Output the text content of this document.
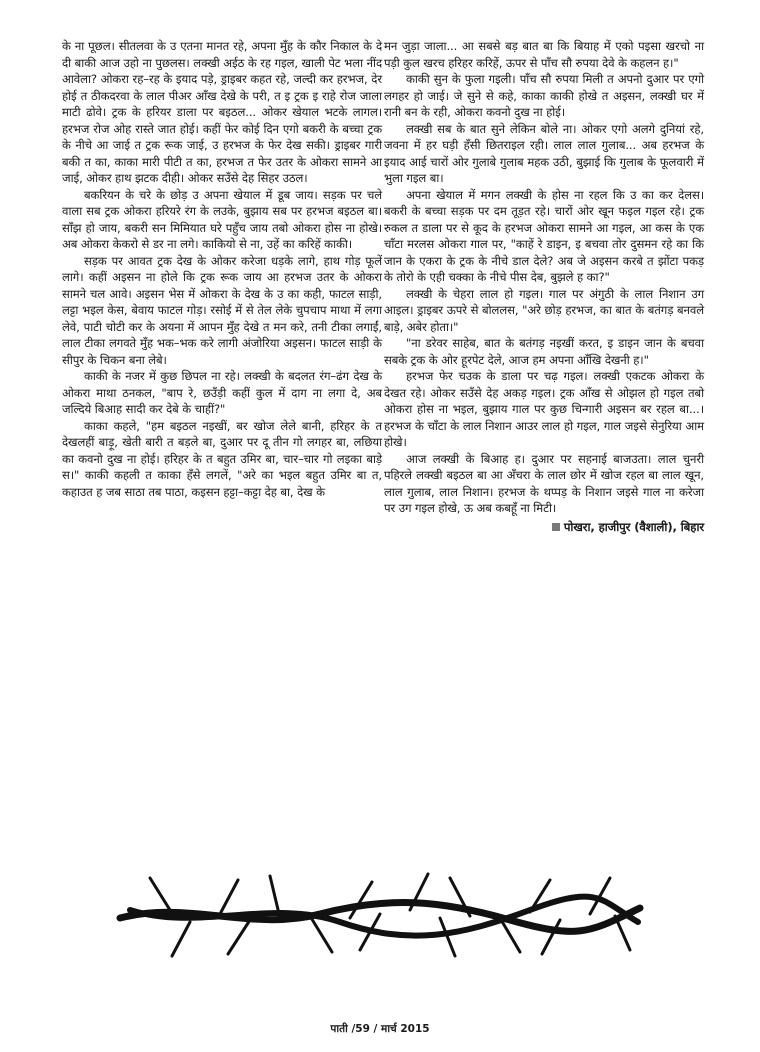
के ना पूछल। सीतलवा के उ एतना मानत रहे, अपना मुँह के कौर निकाल के दे दी बाकी आज उहो ना पुछलस। लक्खी अईठ के रह गइल, खाली पेट भला नींद आवेला? ओकरा रह–रह के इयाद पड़े, ड्राइबर कहत रहे, जल्दी कर हरभज, देर होई त ठीकदरवा के लाल पीअर आँख देखे के परी, त इ ट्रक इ राहे रोज जाला माटी ढोवे। ट्रक के हरियर डाला पर बइठल... ओकर खेयाल भटके लागल। हरभज रोज ओह रास्ते जात होई। कहीं फेर कोई दिन एगो बकरी के बच्चा ट्रक के नीचे आ जाई त ट्रक रूक जाई, उ हरभज के फेर देख सकी। ड्राइबर गारी बकी त का, काका मारी पीटी त का, हरभज त फेर उतर के ओकरा सामने आ जाई, ओकर हाथ झटक दीही। ओकर सउँसे देह सिहर उठल।

बकरियन के चरे के छोड़ उ अपना खेयाल में डूब जाय। सड़क पर चले वाला सब ट्रक ओकरा हरियरे रंग के लउके, बुझाय सब पर हरभज बइठल बा। साँझ हो जाय, बकरी सन मिमियात घरे पहुँच जाय तबो ओकरा होस ना होखे। अब ओकरा केकरो से डर ना लगे। काकियो से ना, उहें का करिहें काकी।

सड़क पर आवत ट्रक देख के ओकर करेजा धड़के लागे, हाथ गोड़ फूलें लागे। कहीं अइसन ना होले कि ट्रक रूक जाय आ हरभज उतर के ओकरा सामने चल आवे। अइसन भेस में ओकरा के देख के उ का कही, फाटल साड़ी, लट्टा भइल केस, बेवाय फाटल गोड़। रसोई में से तेल लेके चुपचाप माथा में लगा लेवे, पाटी चोटी कर के अयना में आपन मुँह देखे त मन करे, तनी टीका लगाईं, लाल टीका लगवते मुँह भक–भक करे लागी अंजोरिया अइसन। फाटल साड़ी के सीपुर के चिकन बना लेबे।

काकी के नजर में कुछ छिपल ना रहे। लक्खी के बदलत रंग–ढंग देख के ओकरा माथा ठनकल, "बाप रे, छउँड़ी कहीं कुल में दाग ना लगा दे, अब जल्दिये बिआह सादी कर देबे के चाहीं?"

काका कहले, "हम बइठल नइखीं, बर खोज लेले बानी, हरिहर के त देखलहीं बाड़ू, खेती बारी त बड़ले बा, दुआर पर दू तीन गो लगहर बा, लछिया का कवनो दुख ना होई। हरिहर के त बहुत उमिर बा, चार–चार गो लइका बाड़े स।" काकी कहली त काका हँसे लगलें, "अरे का भइल बहुत उमिर बा त, कहाउत ह जब साठा तब पाठा, कइसन हट्टा–कट्टा देह बा, देख के

मन जुड़ा जाला... आ सबसे बड़ बात बा कि बियाह में एको पइसा खरचो ना पड़ी कुल खरच हरिहर करिहें, ऊपर से पाँच सौ रुपया देवे के कहलन ह।"

काकी सुन के फुला गइली। पाँच सौ रुपया मिली त अपनो दुआर पर एगो लगहर हो जाई। जे सुने से कहे, काका काकी होखे त अइसन, लक्खी घर में रानी बन के रही, ओकरा कवनो दुख ना होई।

लक्खी सब के बात सुने लेकिन बोले ना। ओकर एगो अलगे दुनियां रहे, जवना में हर घड़ी हँसी छितराइल रही। लाल लाल गुलाब... अब हरभज के इयाद आई चारों ओर गुलाबे गुलाब महक उठी, बुझाई कि गुलाब के फूलवारी में भुला गइल बा।

अपना खेयाल में मगन लक्खी के होस ना रहल कि उ का कर देलस। बकरी के बच्चा सड़क पर दम तूड़त रहे। चारों ओर खून फइल गइल रहे। ट्रक रुकल त डाला पर से कूद के हरभज ओकरा सामने आ गइल, आ कस के एक चाँटा मरलस ओकरा गाल पर, "काहें रे डाइन, इ बचवा तोर दुसमन रहे का कि जान के एकरा के ट्रक के नीचे डाल देले? अब जे अइसन करबे त झोंटा पकड़ के तोरो के एही चक्का के नीचे पीस देब, बुझले ह का?"

लक्खी के चेहरा लाल हो गइल। गाल पर अंगुठी के लाल निशान उग आइल। ड्राइबर ऊपरे से बोललस, "अरे छोड़ हरभज, का बात के बतंगड़ बनवले बाड़े, अबेर होता।"

"ना डरेवर साहेब, बात के बतंगड़ नइखीं करत, इ डाइन जान के बचवा सबके ट्रक के ओर हूरपेट देले, आज हम अपना आँखि देखनी ह।"

हरभज फेर चउक के डाला पर चढ़ गइल। लक्खी एकटक ओकरा के देखत रहे। ओकर सउँसे देह अकड़ गइल। ट्रक आँख से ओझल हो गइल तबो ओकरा होस ना भइल, बुझाय गाल पर कुछ चिन्गारी अइसन बर रहल बा...। हरभज के चाँटा के लाल निशान आउर लाल हो गइल, गाल जइसे सेनुरिया आम होखे।

आज लक्खी के बिआह ह। दुआर पर सहनाई बाजउता। लाल चुनरी पहिरले लक्खी बइठल बा आ अँचरा के लाल छोर में खोज रहल बा लाल खून, लाल गुलाब, लाल निशान। हरभज के थप्पड़ के निशान जइसे गाल ना करेजा पर उग गइल होखे, ऊ अब कबहूँ ना मिटी।

पोखरा, हाजीपुर (वैशाली), बिहार
पाती /59 / मार्च 2015
